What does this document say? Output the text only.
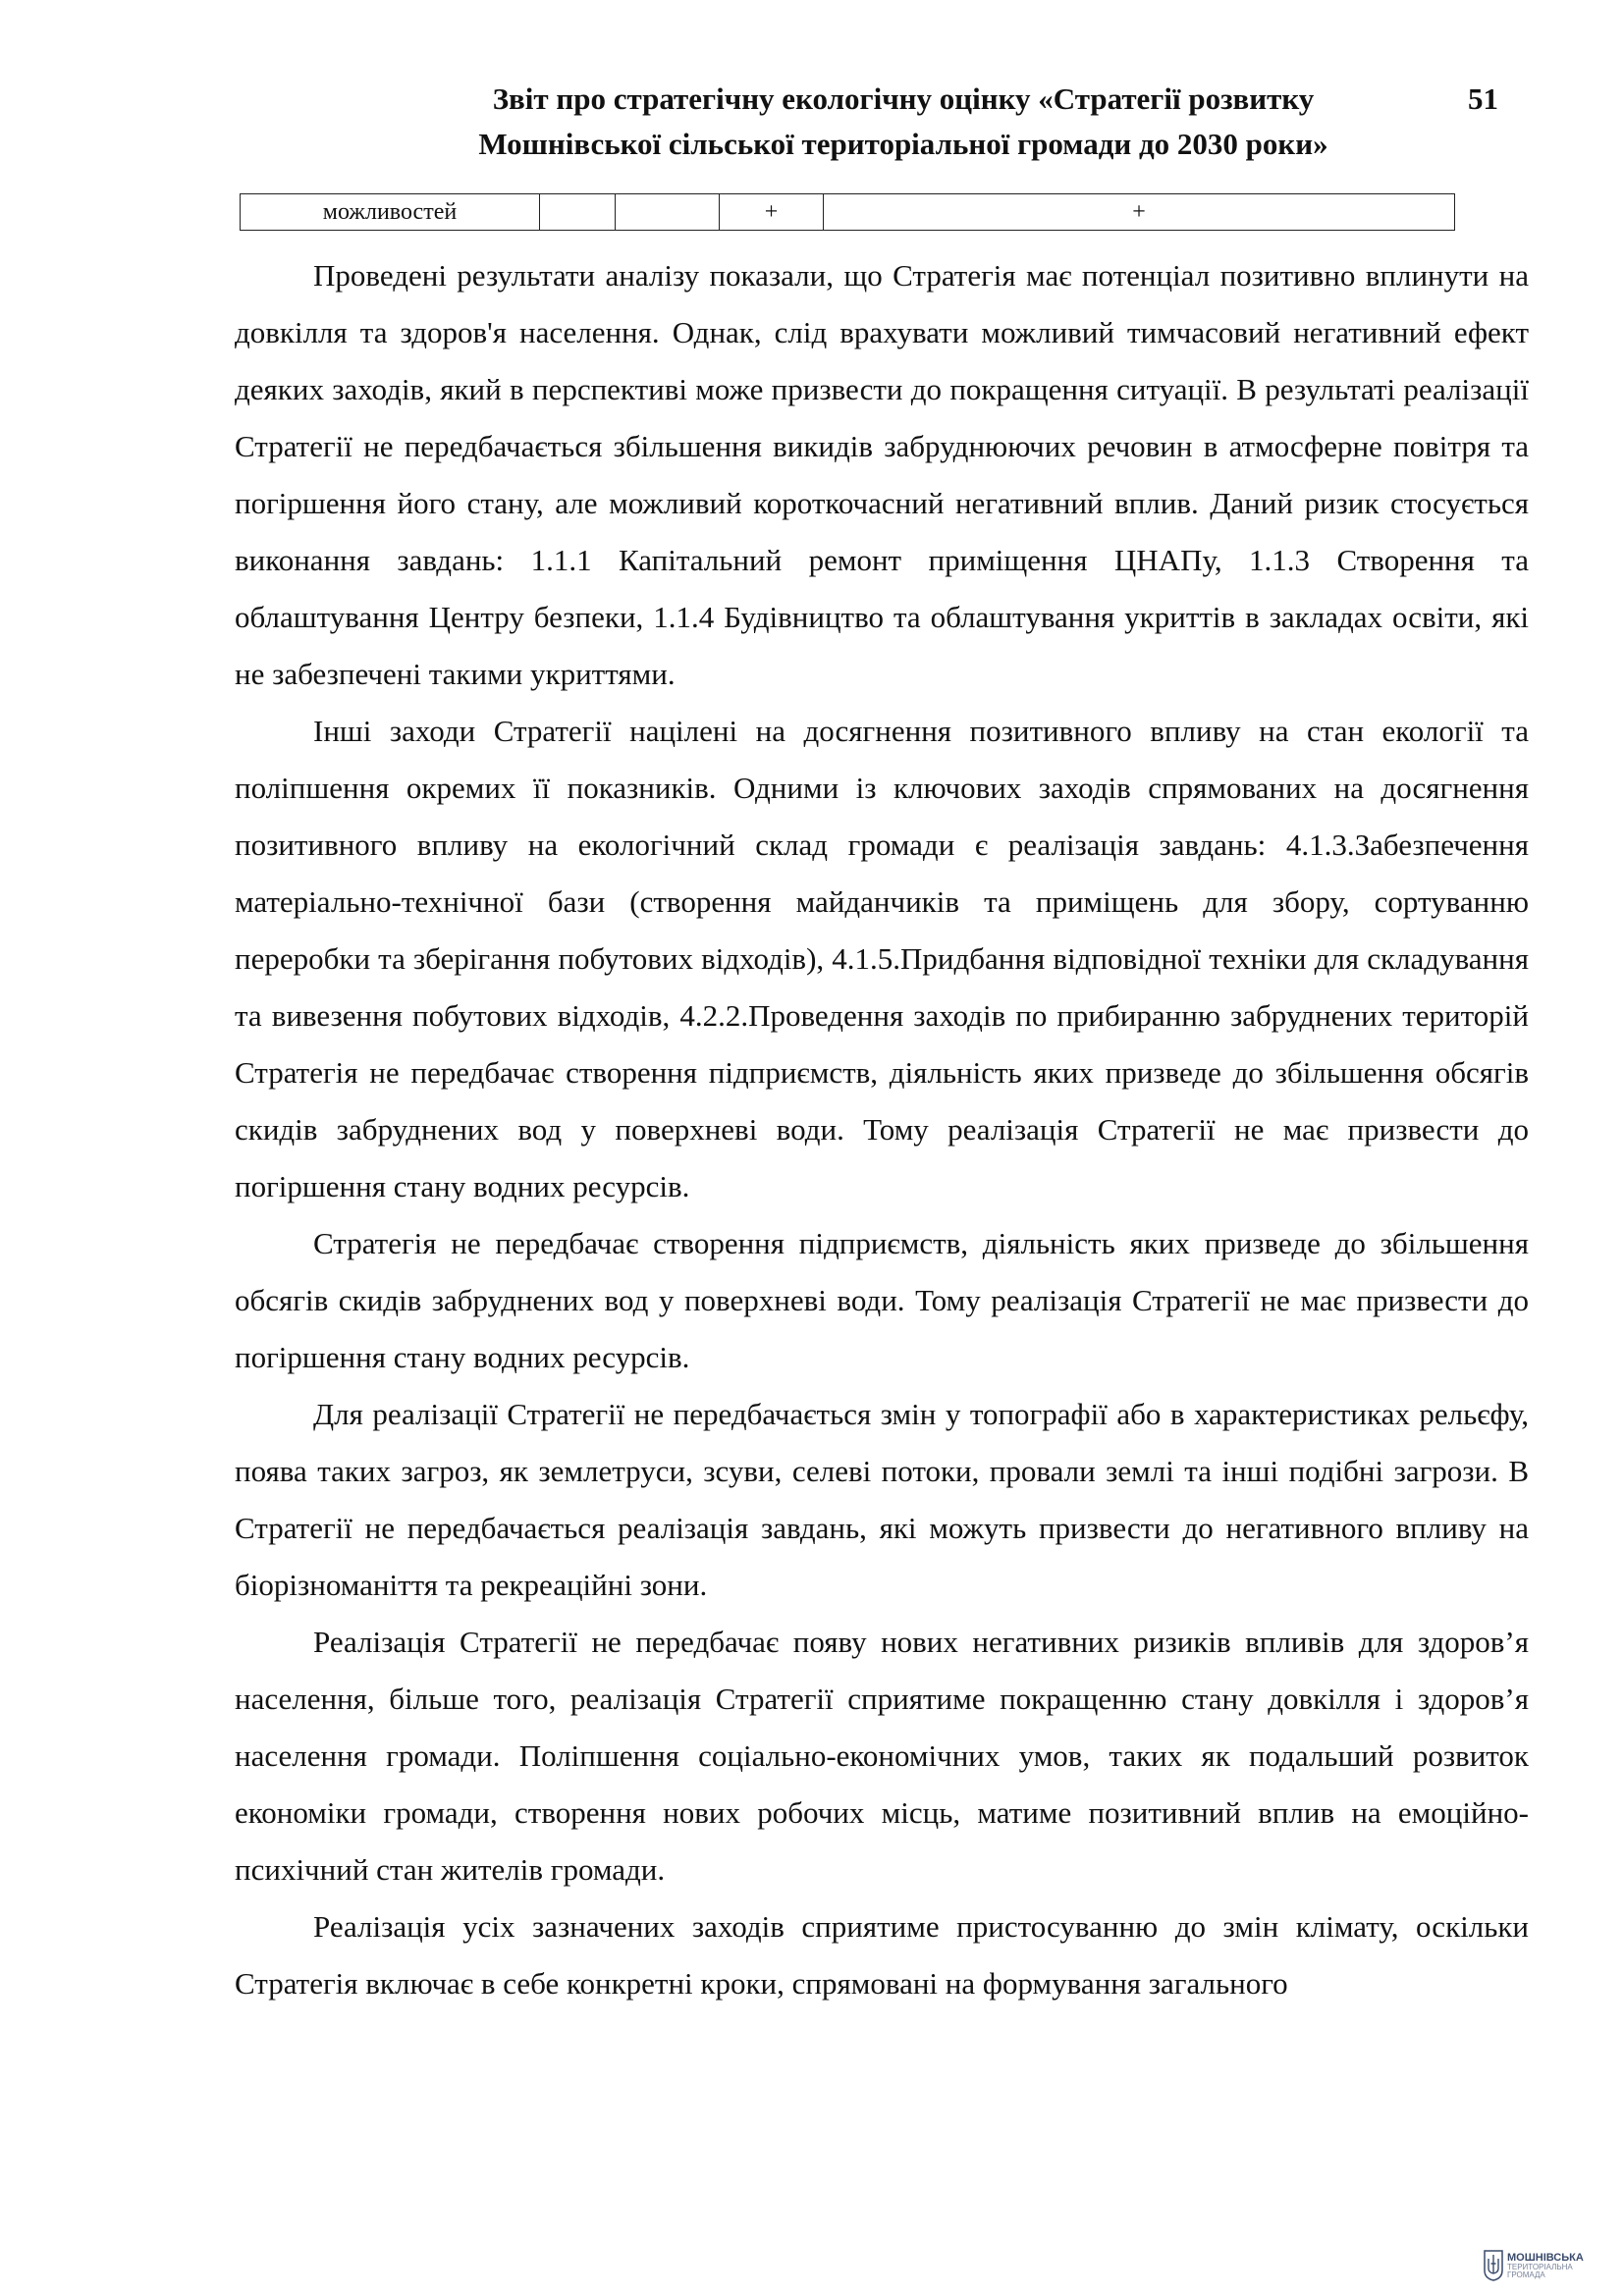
Звіт про стратегічну екологічну оцінку «Стратегії розвитку
Мошнівської сільської територіальної громади до 2030 роки»
51
можливостей			+	+

Проведені результати аналізу показали, що Стратегія має потенціал позитивно вплинути на довкілля та здоров'я населення. Однак, слід врахувати можливий тимчасовий негативний ефект деяких заходів, який в перспективі може призвести до покращення ситуації. В результаті реалізації Стратегії не передбачається збільшення викидів забруднюючих речовин в атмосферне повітря та погіршення його стану, але можливий короткочасний негативний вплив. Даний ризик стосується виконання завдань: 1.1.1 Капітальний ремонт приміщення ЦНАПу, 1.1.3 Створення та облаштування Центру безпеки, 1.1.4 Будівництво та облаштування укриттів в закладах освіти, які не забезпечені такими укриттями.

Інші заходи Стратегії націлені на досягнення позитивного впливу на стан екології та поліпшення окремих її показників. Одними із ключових заходів спрямованих на досягнення позитивного впливу на екологічний склад громади є реалізація завдань: 4.1.3.Забезпечення матеріально-технічної бази (створення майданчиків та приміщень для збору, сортуванню переробки та зберігання побутових відходів), 4.1.5.Придбання відповідної техніки для складування та вивезення побутових відходів, 4.2.2.Проведення заходів по прибиранню забруднених територій Стратегія не передбачає створення підприємств, діяльність яких призведе до збільшення обсягів скидів забруднених вод у поверхневі води. Тому реалізація Стратегії не має призвести до погіршення стану водних ресурсів.

Стратегія не передбачає створення підприємств, діяльність яких призведе до збільшення обсягів скидів забруднених вод у поверхневі води. Тому реалізація Стратегії не має призвести до погіршення стану водних ресурсів.

Для реалізації Стратегії не передбачається змін у топографії або в характеристиках рельєфу, поява таких загроз, як землетруси, зсуви, селеві потоки, провали землі та інші подібні загрози. В Стратегії не передбачається реалізація завдань, які можуть призвести до негативного впливу на біорізноманіття та рекреаційні зони.

Реалізація Стратегії не передбачає появу нових негативних ризиків впливів для здоров’я населення, більше того, реалізація Стратегії сприятиме покращенню стану довкілля і здоров’я населення громади. Поліпшення соціально-економічних умов, таких як подальший розвиток економіки громади, створення нових робочих місць, матиме позитивний вплив на емоційно-психічний стан жителів громади.

Реалізація усіх зазначених заходів сприятиме пристосуванню до змін клімату, оскільки Стратегія включає в себе конкретні кроки, спрямовані на формування загального

МОШНІВСЬКА
ТЕРИТОРІАЛЬНА
ГРОМАДА
